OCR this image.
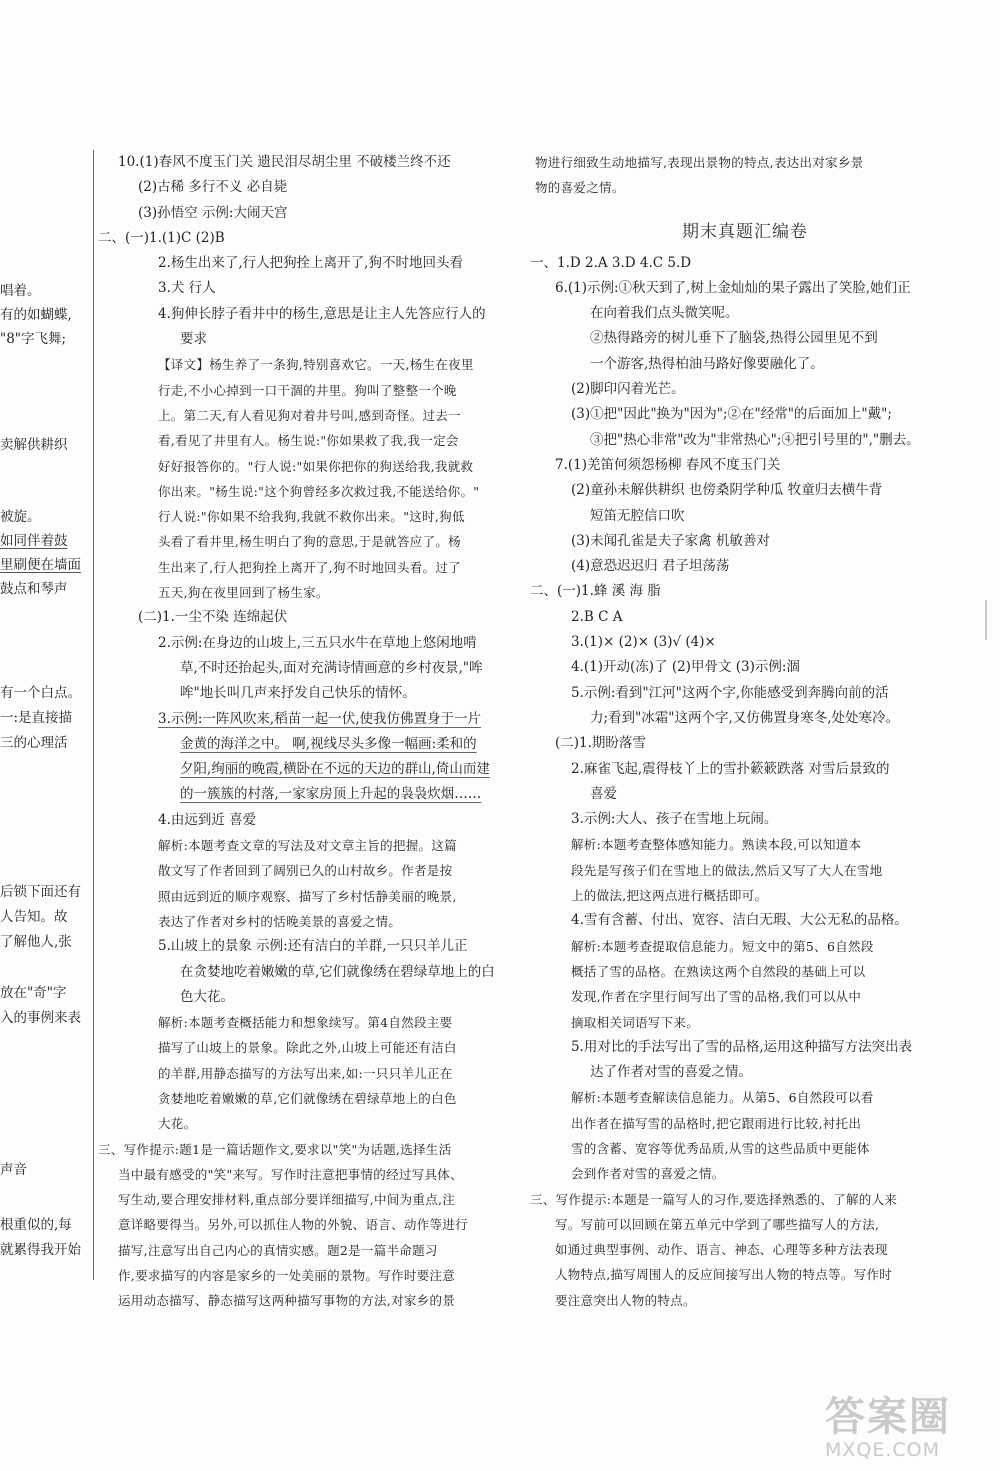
唱着。
有的如蝴蝶,
"8"字飞舞;
卖解供耕织
被旋。
如同伴着鼓
里刷便在墙面
鼓点和琴声
有一个白点。
一:是直接描
三的心理活
后锁下面还有
人告知。故
了解他人,张
放在"奇"字
入的事例来表
声音
根重似的,每
就累得我开始

10.(1)春风不度玉门关 遗民泪尽胡尘里 不破楼兰终不还

(2)古稀 多行不义 必自毙

(3)孙悟空 示例:大闹天宫

二、(一)1.(1)C (2)B

2.杨生出来了,行人把狗拴上离开了,狗不时地回头看

3.犬 行人

4.狗伸长脖子看井中的杨生,意思是让主人先答应行人的

要求

【译文】杨生养了一条狗,特别喜欢它。一天,杨生在夜里

行走,不小心掉到一口干涸的井里。狗叫了整整一个晚

上。第二天,有人看见狗对着井号叫,感到奇怪。过去一

看,看见了井里有人。杨生说:"你如果救了我,我一定会

好好报答你的。"行人说:"如果你把你的狗送给我,我就救

你出来。"杨生说:"这个狗曾经多次救过我,不能送给你。"

行人说:"你如果不给我狗,我就不救你出来。"这时,狗低

头看了看井里,杨生明白了狗的意思,于是就答应了。杨

生出来了,行人把狗拴上离开了,狗不时地回头看。过了

五天,狗在夜里回到了杨生家。

(二)1.一尘不染 连绵起伏

2.示例:在身边的山坡上,三五只水牛在草地上悠闲地啃

草,不时还抬起头,面对充满诗情画意的乡村夜景,"哞

哞"地长叫几声来抒发自己快乐的情怀。

3.示例:一阵风吹来,稻苗一起一伏,使我仿佛置身于一片

金黄的海洋之中。 啊,视线尽头多像一幅画:柔和的

夕阳,绚丽的晚霞,横卧在不远的天边的群山,倚山而建

的一簇簇的村落,一家家房顶上升起的袅袅炊烟……

4.由远到近 喜爱

解析:本题考查文章的写法及对文章主旨的把握。这篇

散文写了作者回到了阔别已久的山村故乡。作者是按

照由远到近的顺序观察、描写了乡村恬静美丽的晚景,

表达了作者对乡村的恬晚美景的喜爱之情。

5.山坡上的景象 示例:还有洁白的羊群,一只只羊儿正

在贪婪地吃着嫩嫩的草,它们就像绣在碧绿草地上的白

色大花。

解析:本题考查概括能力和想象续写。第4自然段主要

描写了山坡上的景象。除此之外,山坡上可能还有洁白

的羊群,用静态描写的方法写出来,如:一只只羊儿正在

贪婪地吃着嫩嫩的草,它们就像绣在碧绿草地上的白色

大花。

三、写作提示:题1是一篇话题作文,要求以"笑"为话题,选择生活

当中最有感受的"笑"来写。写作时注意把事情的经过写具体、

写生动,要合理安排材料,重点部分要详细描写,中间为重点,注

意详略要得当。另外,可以抓住人物的外貌、语言、动作等进行

描写,注意写出自己内心的真情实感。题2是一篇半命题习

作,要求描写的内容是家乡的一处美丽的景物。写作时要注意

运用动态描写、静态描写这两种描写事物的方法,对家乡的景

物进行细致生动地描写,表现出景物的特点,表达出对家乡景

物的喜爱之情。

期末真题汇编卷

一、1.D 2.A 3.D 4.C 5.D

6.(1)示例:①秋天到了,树上金灿灿的果子露出了笑脸,她们正

在向着我们点头微笑呢。

②热得路旁的树儿垂下了脑袋,热得公园里见不到

一个游客,热得柏油马路好像要融化了。

(2)脚印闪着光芒。

(3)①把"因此"换为"因为";②在"经常"的后面加上"戴";

③把"热心非常"改为"非常热心";④把引号里的","删去。

7.(1)羌笛何须怨杨柳 春风不度玉门关

(2)童孙未解供耕织 也傍桑阴学种瓜 牧童归去横牛背

短笛无腔信口吹

(3)未闻孔雀是夫子家禽 机敏善对

(4)意恐迟迟归 君子坦荡荡

二、(一)1.蜂 溪 海 脂

2.B C A

3.(1)× (2)× (3)√ (4)×

4.(1)开动(冻)了 (2)甲骨文 (3)示例:涸

5.示例:看到"江河"这两个字,你能感受到奔腾向前的活

力;看到"冰霜"这两个字,又仿佛置身寒冬,处处寒冷。

(二)1.期盼落雪

2.麻雀飞起,震得枝丫上的雪扑簌簌跌落 对雪后景致的

喜爱

3.示例:大人、孩子在雪地上玩闹。

解析:本题考查整体感知能力。熟读本段,可以知道本

段先是写孩子们在雪地上的做法,然后又写了大人在雪地

上的做法,把这两点进行概括即可。

4.雪有含蓄、付出、宽容、洁白无瑕、大公无私的品格。

解析:本题考查提取信息能力。短文中的第5、6自然段

概括了雪的品格。在熟读这两个自然段的基础上可以

发现,作者在字里行间写出了雪的品格,我们可以从中

摘取相关词语写下来。

5.用对比的手法写出了雪的品格,运用这种描写方法突出表

达了作者对雪的喜爱之情。

解析:本题考查解读信息能力。从第5、6自然段可以看

出作者在描写雪的品格时,把它跟雨进行比较,衬托出

雪的含蓄、宽容等优秀品质,从雪的这些品质中更能体

会到作者对雪的喜爱之情。

三、写作提示:本题是一篇写人的习作,要选择熟悉的、了解的人来

写。写前可以回顾在第五单元中学到了哪些描写人的方法,

如通过典型事例、动作、语言、神态、心理等多种方法表现

人物特点,描写周围人的反应间接写出人物的特点等。写作时

要注意突出人物的特点。

答案圈
MXQE.COM
